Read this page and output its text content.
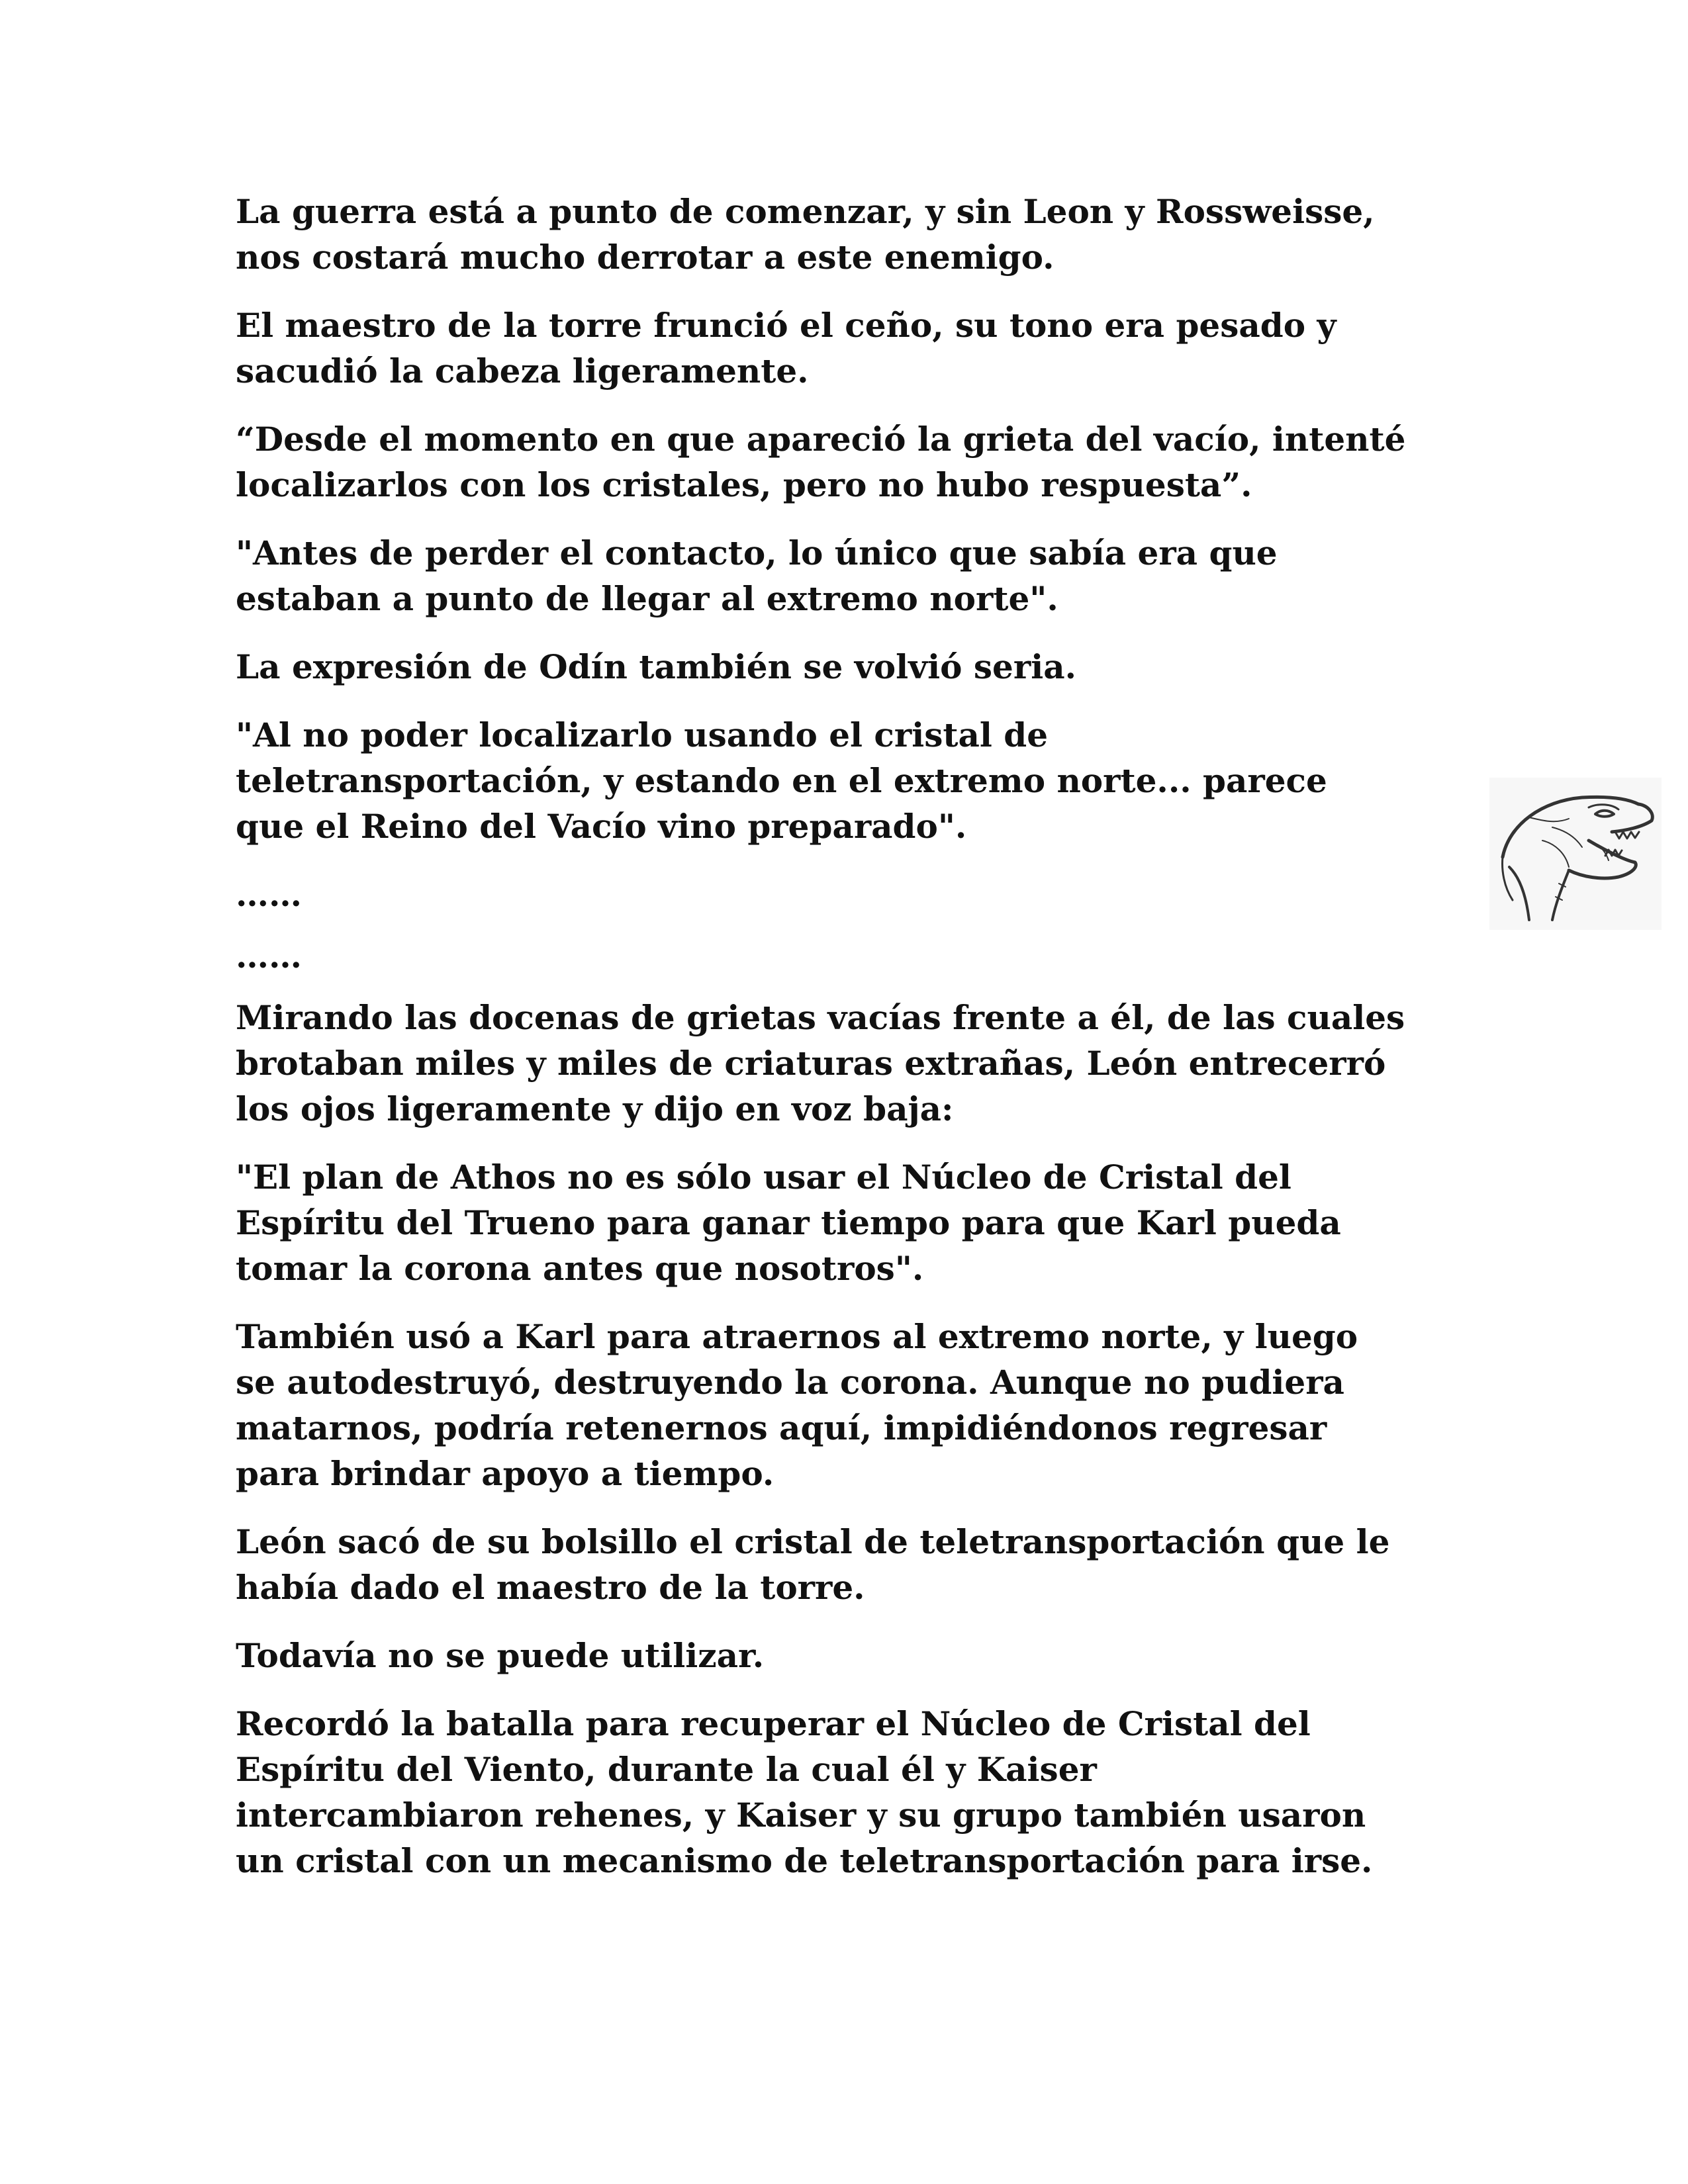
La guerra está a punto de comenzar, y sin Leon y Rossweisse,
nos costará mucho derrotar a este enemigo.

El maestro de la torre frunció el ceño, su tono era pesado y
sacudió la cabeza ligeramente.

“Desde el momento en que apareció la grieta del vacío, intenté
localizarlos con los cristales, pero no hubo respuesta”.

"Antes de perder el contacto, lo único que sabía era que
estaban a punto de llegar al extremo norte".

La expresión de Odín también se volvió seria.

"Al no poder localizarlo usando el cristal de
teletransportación, y estando en el extremo norte... parece
que el Reino del Vacío vino preparado".

……

……

Mirando las docenas de grietas vacías frente a él, de las cuales
brotaban miles y miles de criaturas extrañas, León entrecerró
los ojos ligeramente y dijo en voz baja:

"El plan de Athos no es sólo usar el Núcleo de Cristal del
Espíritu del Trueno para ganar tiempo para que Karl pueda
tomar la corona antes que nosotros".

También usó a Karl para atraernos al extremo norte, y luego
se autodestruyó, destruyendo la corona. Aunque no pudiera
matarnos, podría retenernos aquí, impidiéndonos regresar
para brindar apoyo a tiempo.

León sacó de su bolsillo el cristal de teletransportación que le
había dado el maestro de la torre.

Todavía no se puede utilizar.

Recordó la batalla para recuperar el Núcleo de Cristal del
Espíritu del Viento, durante la cual él y Kaiser
intercambiaron rehenes, y Kaiser y su grupo también usaron
un cristal con un mecanismo de teletransportación para irse.
